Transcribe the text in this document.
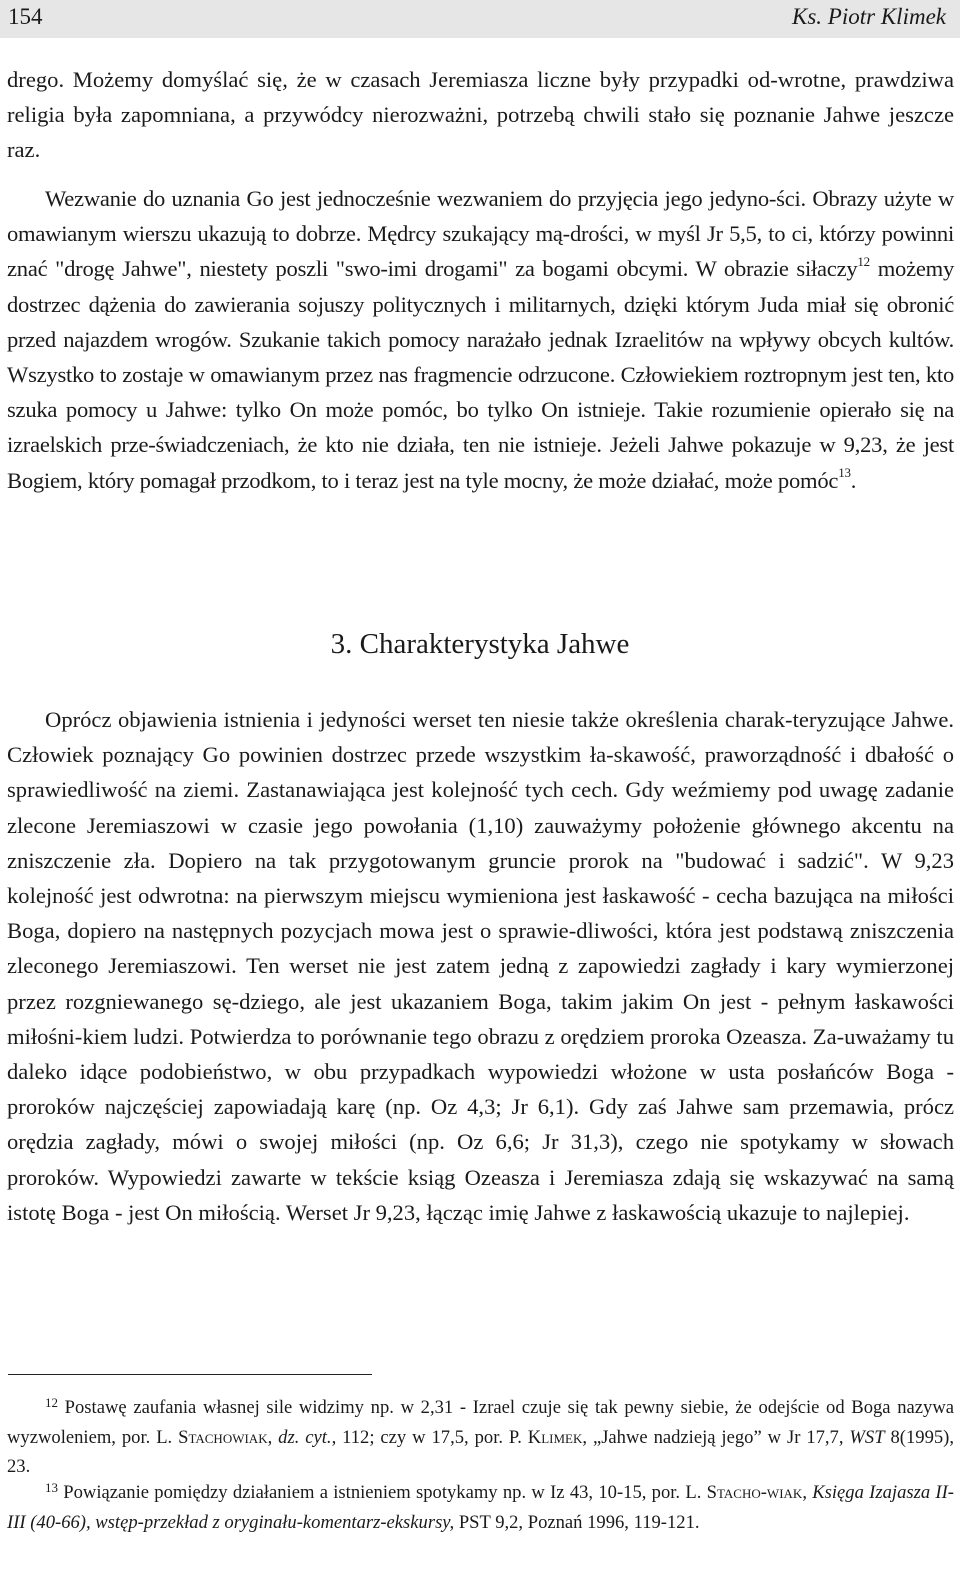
154	Ks. Piotr Klimek

drego. Możemy domyślać się, że w czasach Jeremiasza liczne były przypadki od-wrotne, prawdziwa religia była zapomniana, a przywódcy nierozważni, potrzebą chwili stało się poznanie Jahwe jeszcze raz.

Wezwanie do uznania Go jest jednocześnie wezwaniem do przyjęcia jego jedyno-ści. Obrazy użyte w omawianym wierszu ukazują to dobrze. Mędrcy szukający mą-drości, w myśl Jr 5,5, to ci, którzy powinni znać "drogę Jahwe", niestety poszli "swo-imi drogami" za bogami obcymi. W obrazie siłaczy$^{12}$ możemy dostrzec dążenia do zawierania sojuszy politycznych i militarnych, dzięki którym Juda miał się obronić przed najazdem wrogów. Szukanie takich pomocy narażało jednak Izraelitów na wpływy obcych kultów. Wszystko to zostaje w omawianym przez nas fragmencie odrzucone. Człowiekiem roztropnym jest ten, kto szuka pomocy u Jahwe: tylko On może pomóc, bo tylko On istnieje. Takie rozumienie opierało się na izraelskich prze-świadczeniach, że kto nie działa, ten nie istnieje. Jeżeli Jahwe pokazuje w 9,23, że jest Bogiem, który pomagał przodkom, to i teraz jest na tyle mocny, że może działać, może pomóc$^{13}$.

3. Charakterystyka Jahwe

Oprócz objawienia istnienia i jedyności werset ten niesie także określenia charak-teryzujące Jahwe. Człowiek poznający Go powinien dostrzec przede wszystkim ła-skawość, praworządność i dbałość o sprawiedliwość na ziemi. Zastanawiająca jest kolejność tych cech. Gdy weźmiemy pod uwagę zadanie zlecone Jeremiaszowi w czasie jego powołania (1,10) zauważymy położenie głównego akcentu na zniszczenie zła. Dopiero na tak przygotowanym gruncie prorok na "budować i sadzić". W 9,23 kolejność jest odwrotna: na pierwszym miejscu wymieniona jest łaskawość - cecha bazująca na miłości Boga, dopiero na następnych pozycjach mowa jest o sprawie-dliwości, która jest podstawą zniszczenia zleconego Jeremiaszowi. Ten werset nie jest zatem jedną z zapowiedzi zagłady i kary wymierzonej przez rozgniewanego sę-dziego, ale jest ukazaniem Boga, takim jakim On jest - pełnym łaskawości miłośni-kiem ludzi. Potwierdza to porównanie tego obrazu z orędziem proroka Ozeasza. Za-uważamy tu daleko idące podobieństwo, w obu przypadkach wypowiedzi włożone w usta posłańców Boga - proroków najczęściej zapowiadają karę (np. Oz 4,3; Jr 6,1). Gdy zaś Jahwe sam przemawia, prócz orędzia zagłady, mówi o swojej miłości (np. Oz 6,6; Jr 31,3), czego nie spotykamy w słowach proroków. Wypowiedzi zawarte w tekście ksiąg Ozeasza i Jeremiasza zdają się wskazywać na samą istotę Boga - jest On miłością. Werset Jr 9,23, łącząc imię Jahwe z łaskawością ukazuje to najlepiej.

$^{12}$ Postawę zaufania własnej sile widzimy np. w 2,31 - Izrael czuje się tak pewny siebie, że odejście od Boga nazywa wyzwoleniem, por. L. Stachowiak, dz. cyt., 112; czy w 17,5, por. P. Klimek, „Jahwe nadzieją jego” w Jr 17,7, WST 8(1995), 23.

$^{13}$ Powiązanie pomiędzy działaniem a istnieniem spotykamy np. w Iz 43, 10-15, por. L. Stacho-wiak, Księga Izajasza II-III (40-66), wstęp-przekład z oryginału-komentarz-ekskursy, PST 9,2, Poznań 1996, 119-121.
